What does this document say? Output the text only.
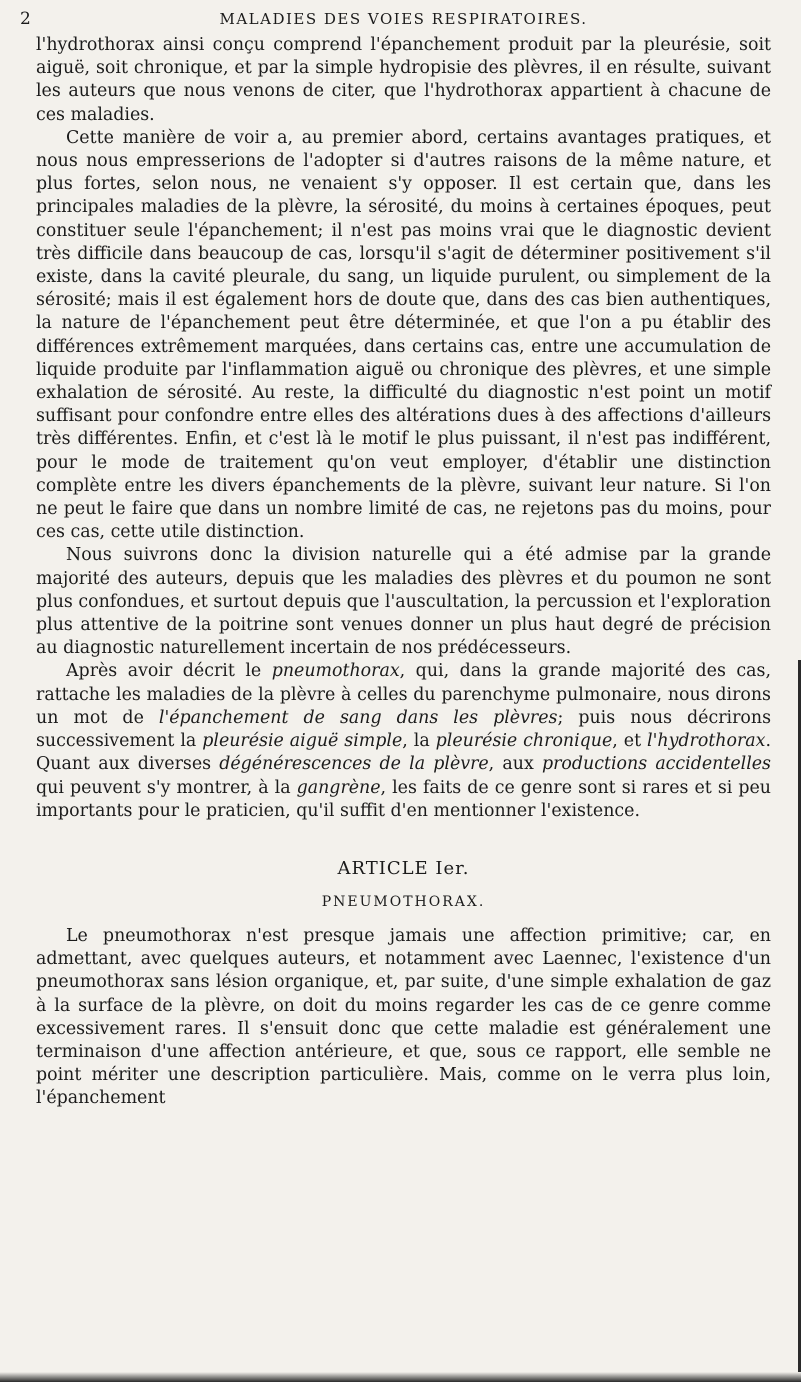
2	MALADIES DES VOIES RESPIRATOIRES.

l'hydrothorax ainsi conçu comprend l'épanchement produit par la pleurésie, soit aiguë, soit chronique, et par la simple hydropisie des plèvres, il en résulte, suivant les auteurs que nous venons de citer, que l'hydrothorax appartient à chacune de ces maladies.

Cette manière de voir a, au premier abord, certains avantages pratiques, et nous nous empresserions de l'adopter si d'autres raisons de la même nature, et plus fortes, selon nous, ne venaient s'y opposer. Il est certain que, dans les principales maladies de la plèvre, la sérosité, du moins à certaines époques, peut constituer seule l'épanchement; il n'est pas moins vrai que le diagnostic devient très difficile dans beaucoup de cas, lorsqu'il s'agit de déterminer positivement s'il existe, dans la cavité pleurale, du sang, un liquide purulent, ou simplement de la sérosité; mais il est également hors de doute que, dans des cas bien authentiques, la nature de l'épanchement peut être déterminée, et que l'on a pu établir des différences extrêmement marquées, dans certains cas, entre une accumulation de liquide produite par l'inflammation aiguë ou chronique des plèvres, et une simple exhalation de sérosité. Au reste, la difficulté du diagnostic n'est point un motif suffisant pour confondre entre elles des altérations dues à des affections d'ailleurs très différentes. Enfin, et c'est là le motif le plus puissant, il n'est pas indifférent, pour le mode de traitement qu'on veut employer, d'établir une distinction complète entre les divers épanchements de la plèvre, suivant leur nature. Si l'on ne peut le faire que dans un nombre limité de cas, ne rejetons pas du moins, pour ces cas, cette utile distinction.

Nous suivrons donc la division naturelle qui a été admise par la grande majorité des auteurs, depuis que les maladies des plèvres et du poumon ne sont plus confondues, et surtout depuis que l'auscultation, la percussion et l'exploration plus attentive de la poitrine sont venues donner un plus haut degré de précision au diagnostic naturellement incertain de nos prédécesseurs.

Après avoir décrit le pneumothorax, qui, dans la grande majorité des cas, rattache les maladies de la plèvre à celles du parenchyme pulmonaire, nous dirons un mot de l'épanchement de sang dans les plèvres; puis nous décrirons successivement la pleurésie aiguë simple, la pleurésie chronique, et l'hydrothorax. Quant aux diverses dégénérescences de la plèvre, aux productions accidentelles qui peuvent s'y montrer, à la gangrène, les faits de ce genre sont si rares et si peu importants pour le praticien, qu'il suffit d'en mentionner l'existence.

ARTICLE Ier.
PNEUMOTHORAX.

Le pneumothorax n'est presque jamais une affection primitive; car, en admettant, avec quelques auteurs, et notamment avec Laennec, l'existence d'un pneumothorax sans lésion organique, et, par suite, d'une simple exhalation de gaz à la surface de la plèvre, on doit du moins regarder les cas de ce genre comme excessivement rares. Il s'ensuit donc que cette maladie est généralement une terminaison d'une affection antérieure, et que, sous ce rapport, elle semble ne point mériter une description particulière. Mais, comme on le verra plus loin, l'épanchement
